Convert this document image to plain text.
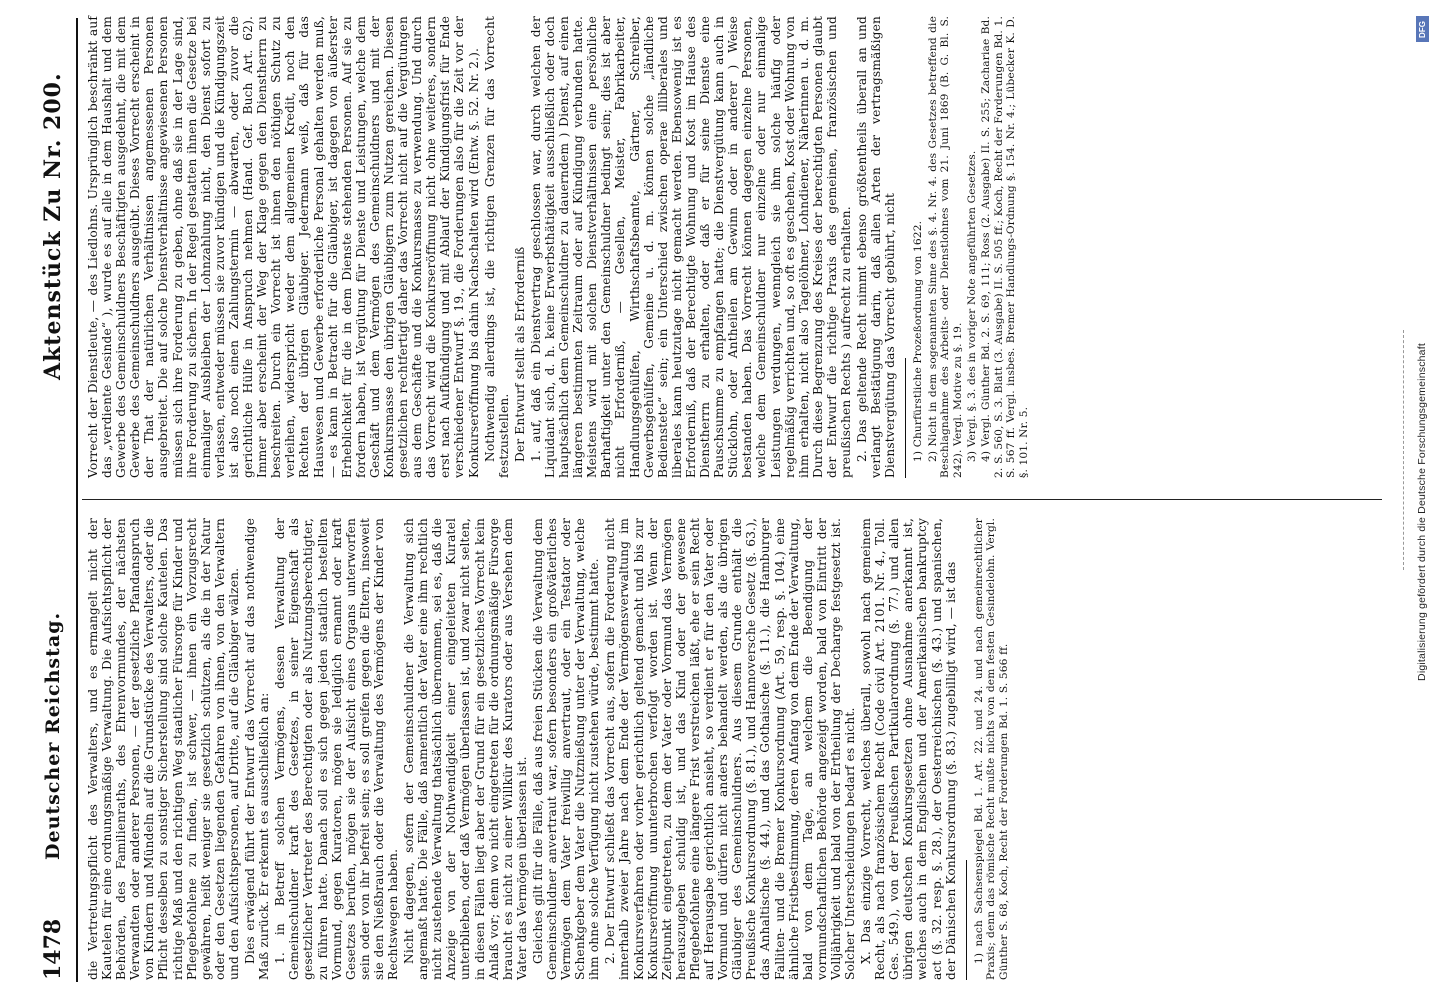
1478
Deutscher Reichstag.
Aktenstück Zu Nr. 200.

die Vertretungspflicht des Verwalters, und es ermangelt nicht der Kautelen für eine ordnungsmäßige Verwaltung. Die Aufsichtspflicht der Behörden, des Familienraths, des Ehrenvormundes, der nächsten Verwandten oder anderer Personen, — der gesetzliche Pfandanspruch von Kindern und Mündeln auf die Grundstücke des Verwalters, oder die Pflicht desselben zu sonstiger Sicherstellung sind solche Kautelen. Das richtige Maß und den richtigen Weg staatlicher Fürsorge für Kinder und Pflegebefohlene zu finden, ist schwer, — ihnen ein Vorzugsrecht gewähren, heißt weniger sie gesetzlich schützen, als die in der Natur oder den Gesetzen liegenden Gefahren von ihnen, von den Verwaltern und den Aufsichtspersonen, auf Dritte, auf die Gläubiger wälzen. Dies erwägend führt der Entwurf das Vorrecht auf das nothwendige Maß zurück. Er erkennt es ausschließlich an: 1. in Betreff solchen Vermögens, dessen Verwaltung der Gemeinschuldner kraft des Gesetzes, in seiner Eigenschaft als gesetzlicher Vertreter des Berechtigten oder als Nutzungsberechtigter, zu führen hatte. Danach soll es sich gegen jeden staatlich bestellten Vormund, gegen Kuratoren, mögen sie lediglich ernannt oder kraft Gesetzes berufen, mögen sie der Aufsicht eines Organs unterworfen sein oder von ihr befreit sein; es soll greifen gegen die Eltern, insoweit sie den Nießbrauch oder die Verwaltung des Vermögens der Kinder von Rechtswegen haben. Nicht dagegen, sofern der Gemeinschuldner die Verwaltung sich angemaßt hatte. Die Fälle, daß namentlich der Vater eine ihm rechtlich nicht zustehende Verwaltung thatsächlich übernommen, sei es, daß die Anzeige von der Nothwendigkeit einer eingeleiteten Kuratel unterblieben, oder daß Vermögen überlassen ist, und zwar nicht selten, in diesen Fällen liegt aber der Grund für ein gesetzliches Vorrecht kein Anlaß vor; denn wo nicht eingetreten für die ordnungsmäßige Fürsorge braucht es nicht zu einer Willkür des Kurators oder aus Versehen dem Vater das Vermögen überlassen ist. Gleiches gilt für die Fälle, daß aus freien Stücken die Verwaltung dem Gemeinschuldner anvertraut war, sofern besonders ein großväterliches Vermögen dem Vater freiwillig anvertraut, oder ein Testator oder Schenkgeber dem Vater die Nutznießung unter der Verwaltung, welche ihm ohne solche Verfügung nicht zustehen würde, bestimmt hatte. 2. Der Entwurf schließt das Vorrecht aus, sofern die Forderung nicht innerhalb zweier Jahre nach dem Ende der Vermögensverwaltung im Konkursverfahren oder vorher gerichtlich geltend gemacht und bis zur Konkurseröffnung ununterbrochen verfolgt worden ist. Wenn der Zeitpunkt eingetreten, zu dem der Vater oder Vormund das Vermögen herauszugeben schuldig ist, und das Kind oder der gewesene Pflegebefohlene eine längere Frist verstreichen läßt, ehe er sein Recht auf Herausgabe gerichtlich ansieht, so verdient er für den Vater oder Vormund und dürfen nicht anders behandelt werden, als die übrigen Gläubiger des Gemeinschuldners. Aus diesem Grunde enthält die Preußische Konkursordnung (§. 81.), und Hannoversche Gesetz (§. 63.), das Anhaltische (§. 44.), und das Gothaische (§. 11.), die Hamburger Falliten- und die Bremer Konkursordnung (Art. 59, resp. §. 104.) eine ähnliche Fristbestimmung, deren Anfang von dem Ende der Verwaltung, bald von dem Tage, an welchem die Beendigung der vormundschaftlichen Behörde angezeigt worden, bald von Eintritt der Volljährigkeit und bald von der Ertheilung der Decharge festgesetzt ist. Solcher Unterscheidungen bedarf es nicht. X. Das einzige Vorrecht, welches überall, sowohl nach gemeinem Recht, als nach französischem Recht (Code civil Art. 2101. Nr. 4., Toll. Ges. 549.), von der Preußischen Partikularordnung (§. 77.) und allen übrigen deutschen Konkursgesetzen ohne Ausnahme anerkannt ist, welches auch in dem Englischen und der Amerikanischen bankruptcy act (§. 32. resp. §. 28.), der Oesterreichischen (§. 43.) und spanischen, der Dänischen Konkursordnung (§. 83.) zugebilligt wird, — ist das 1) nach Sachsenspiegel Bd. 1. Art. 22. und 24. und nach gemeinrechtlicher Praxis; denn das römische Recht mußte nichts von dem festen Gesindelohn. Vergl. Günther S. 68, Koch, Recht der Forderungen Bd. 1. S. 566 ff.

Vorrecht der Dienstleute, — des Liedlohns. Ursprünglich beschränkt auf das „verdiente Gesinde“ ), wurde es auf alle in dem Haushalt und dem Gewerbe des Gemeinschuldners Beschäftigten ausgedehnt, die mit dem Gewerbe des Gemeinschuldners ausgeübt. Dieses Vorrecht erscheint in der That der natürlichen Verhältnissen angemessenen Personen ausgebreitet. Die auf solche Dienstverhältnisse angewiesenen Personen müssen sich ihre Forderung zu geben, ohne daß sie in der Lage sind, ihre Forderung zu sichern. In der Regel gestatten ihnen die Gesetze bei einmaliger Ausbleiben der Lohnzahlung nicht, den Dienst sofort zu verlassen, entweder müssen sie zuvor kündigen und die Kündigungszeit ist also noch einen Zahlungstermin — abwarten, oder zuvor die gerichtliche Hülfe in Anspruch nehmen (Hand. Gef. Buch Art. 62). Immer aber erscheint der Weg der Klage gegen den Dienstherrn zu beschreiten. Durch ein Vorrecht ist ihnen den nöthigen Schutz zu verleihen, widerspricht weder dem allgemeinen Kredit, noch den Rechten der übrigen Gläubiger. Jedermann weiß, daß für das Hauswesen und Gewerbe erforderliche Personal gehalten werden muß, — es kann in Betracht für die Gläubiger, ist dagegen von äußerster Erheblichkeit für die in dem Dienste stehenden Personen. Auf sie zu fordern haben, ist Vergütung für Dienste und Leistungen, welche dem Geschäft und dem Vermögen des Gemeinschuldners und mit der Konkursmasse den übrigen Gläubigern zum Nutzen gereichen. Diesen gesetzlichen rechtfertigt daher das Vorrecht nicht auf die Vergütungen aus dem Geschäfte und die Konkursmasse zu verwendung. Und durch das Vorrecht wird die Konkurseröffnung nicht ohne weiteres, sondern erst nach Aufkündigung und mit Ablauf der Kündigungsfrist für Ende verschiedener Entwurf §. 19., die Forderungen also für die Zeit vor der Konkurseröffnung bis dahin Nachschalten wird (Entw. §. 52. Nr. 2.). Nothwendig allerdings ist, die richtigen Grenzen für das Vorrecht festzustellen. Der Entwurf stellt als Erforderniß 1. auf, daß ein Dienstvertrag geschlossen war, durch welchen der Liquidant sich, d. h. keine Erwerbsthätigkeit ausschließlich oder doch hauptsächlich dem Gemeinschuldner zu dauerndem ) Dienst, auf einen längeren bestimmten Zeitraum oder auf Kündigung verbunden hatte. Meistens wird mit solchen Dienstverhältnissen eine persönliche Barhaftigkeit unter den Gemeinschuldner bedingt sein; dies ist aber nicht Erforderniß, — Gesellen, Meister, Fabrikarbeiter, Handlungsgehülfen, Wirthschaftsbeamte, Gärtner, Schreiber, Gewerbsgehülfen, Gemeine u. d. m. können solche „ländliche Bedienstete“ sein; ein Unterschied zwischen operae illiberales und liberales kann heutzutage nicht gemacht werden. Ebensowenig ist es Erforderniß, daß der Berechtigte Wohnung und Kost im Hause des Dienstherrn zu erhalten, oder daß er für seine Dienste eine Pauschsumme zu empfangen hatte; die Dienstvergütung kann auch in Stücklohn, oder Antheilen am Gewinn oder in anderer ) Weise bestanden haben. Das Vorrecht können dagegen einzelne Personen, welche dem Gemeinschuldner nur einzelne oder nur einmalige Leistungen verdungen, wenngleich sie ihm solche häufig oder regelmäßig verrichten und, so oft es geschehen, Kost oder Wohnung von ihm erhalten, nicht also Tagelöhner, Lohndiener, Näherinnen u. d. m. Durch diese Begrenzung des Kreises der berechtigten Personen glaubt der Entwurf die richtige Praxis des gemeinen, französischen und preußischen Rechts ) aufrecht zu erhalten. 2. Das geltende Recht nimmt ebenso größtentheils überall an und verlangt Bestätigung darin, daß allen Arten der vertragsmäßigen Dienstvergütung das Vorrecht gebührt, nicht 1) Churfürstliche Prozeßordnung von 1622. 2) Nicht in dem sogenannten Sinne des §. 4. Nr. 4. des Gesetzes betreffend die Beschlagnahme des Arbeits- oder Dienstlohnes vom 21. Juni 1869 (B. G. Bl. S. 242). Vergl. Motive zu §. 19. 3) Vergl. §. 3. des in voriger Note angeführten Gesetzes. 4) Vergl. Günther Bd. 2. S. 69, 111; Ross (2. Ausgabe) II. S. 255; Zachariae Bd. 2. S. 560, S. 3. Blatt (3. Ausgabe) II. S. 505 ff.; Koch, Recht der Forderungen Bd. 1. S. 567 ff. Vergl. insbes. Bremer Handlungs-Ordnung §. 154. Nr. 4.; Lübecker K. D. §. 101. Nr. 5.

DFG
Digitalisierung gefördert durch die Deutsche Forschungsgemeinschaft
